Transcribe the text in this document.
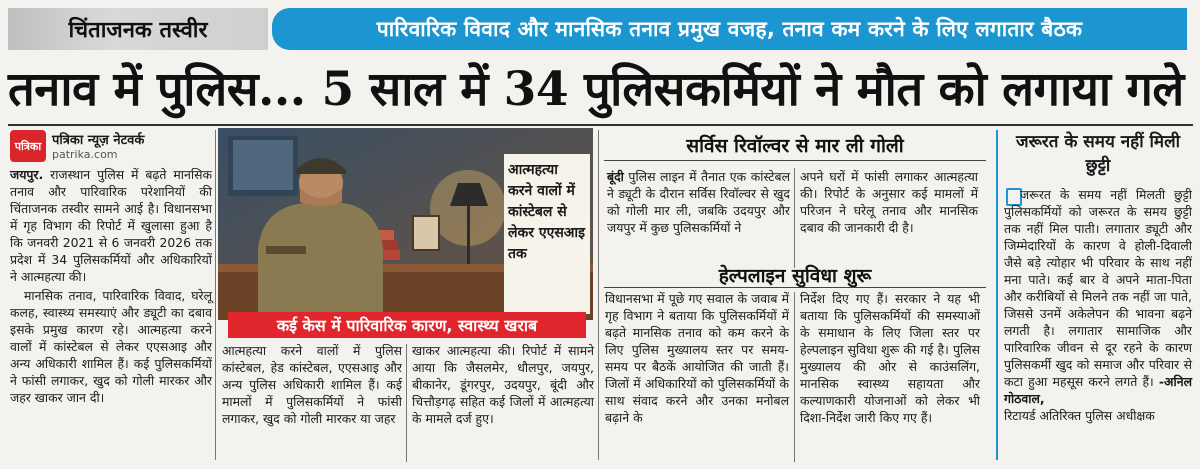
चिंताजनक तस्वीर	पारिवारिक विवाद और मानसिक तनाव प्रमुख वजह, तनाव कम करने के लिए लगातार बैठक
तनाव में पुलिस... 5 साल में 34 पुलिसकर्मियों ने मौत को लगाया गले
पत्रिका पत्रिका न्यूज़ नेटवर्क
patrika.com

जयपुर. राजस्थान पुलिस में बढ़ते मानसिक तनाव और पारिवारिक परेशानियों की चिंताजनक तस्वीर सामने आई है। विधानसभा में गृह विभाग की रिपोर्ट में खुलासा हुआ है कि जनवरी 2021 से 6 जनवरी 2026 तक प्रदेश में 34 पुलिसकर्मियों और अधिकारियों ने आत्महत्या की।

मानसिक तनाव, पारिवारिक विवाद, घरेलू कलह, स्वास्थ्य समस्याएं और ड्यूटी का दबाव इसके प्रमुख कारण रहे। आत्महत्या करने वालों में कांस्टेबल से लेकर एएसआइ और अन्य अधिकारी शामिल हैं। कई पुलिसकर्मियों ने फांसी लगाकर, खुद को गोली मारकर और जहर खाकर जान दी।

आत्महत्या करने वालों में कांस्टेबल से लेकर एएसआइ तक
कई केस में पारिवारिक कारण, स्वास्थ्य खराब
आत्महत्या करने वालों में पुलिस कांस्टेबल, हेड कांस्टेबल, एएसआइ और अन्य पुलिस अधिकारी शामिल हैं। कई मामलों में पुलिसकर्मियों ने फांसी लगाकर, खुद को गोली मारकर या जहर
खाकर आत्महत्या की। रिपोर्ट में सामने आया कि जैसलमेर, धौलपुर, जयपुर, बीकानेर, डूंगरपुर, उदयपुर, बूंदी और चित्तौड़गढ़ सहित कई जिलों में आत्महत्या के मामले दर्ज हुए।
सर्विस रिवॉल्वर से मार ली गोली
बूंदी पुलिस लाइन में तैनात एक कांस्टेबल ने ड्यूटी के दौरान सर्विस रिवॉल्वर से खुद को गोली मार ली, जबकि उदयपुर और जयपुर में कुछ पुलिसकर्मियों ने
अपने घरों में फांसी लगाकर आत्महत्या की। रिपोर्ट के अनुसार कई मामलों में परिजन ने घरेलू तनाव और मानसिक दबाव की जानकारी दी है।
हेल्पलाइन सुविधा शुरू
विधानसभा में पूछे गए सवाल के जवाब में गृह विभाग ने बताया कि पुलिसकर्मियों में बढ़ते मानसिक तनाव को कम करने के लिए पुलिस मुख्यालय स्तर पर समय-समय पर बैठकें आयोजित की जाती हैं। जिलों में अधिकारियों को पुलिसकर्मियों के साथ संवाद करने और उनका मनोबल बढ़ाने के
निर्देश दिए गए हैं। सरकार ने यह भी बताया कि पुलिसकर्मियों की समस्याओं के समाधान के लिए जिला स्तर पर हेल्पलाइन सुविधा शुरू की गई है। पुलिस मुख्यालय की ओर से काउंसलिंग, मानसिक स्वास्थ्य सहायता और कल्याणकारी योजनाओं को लेकर भी दिशा-निर्देश जारी किए गए हैं।
जरूरत के समय नहीं मिली छुट्टी
जरूरत के समय नहीं मिलती छुट्टी पुलिसकर्मियों को जरूरत के समय छुट्टी तक नहीं मिल पाती। लगातार ड्यूटी और जिम्मेदारियों के कारण वे होली-दिवाली जैसे बड़े त्योहार भी परिवार के साथ नहीं मना पाते। कई बार वे अपने माता-पिता और करीबियों से मिलने तक नहीं जा पाते, जिससे उनमें अकेलेपन की भावना बढ़ने लगती है। लगातार सामाजिक और पारिवारिक जीवन से दूर रहने के कारण पुलिसकर्मी खुद को समाज और परिवार से कटा हुआ महसूस करने लगते हैं। -अनिल गोठवाल,
रिटायर्ड अतिरिक्त पुलिस अधीक्षक
